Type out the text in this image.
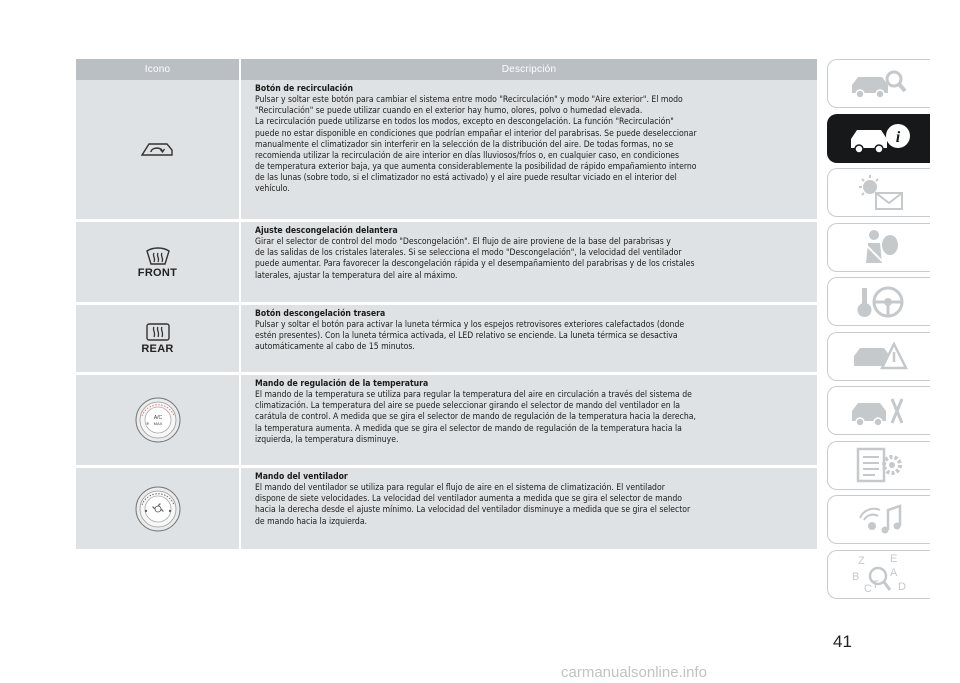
Icono	Descripción
Botón de recirculación
Pulsar y soltar este botón para cambiar el sistema entre modo "Recirculación" y modo "Aire exterior". El modo
"Recirculación" se puede utilizar cuando en el exterior hay humo, olores, polvo o humedad elevada.
La recirculación puede utilizarse en todos los modos, excepto en descongelación. La función "Recirculación"
puede no estar disponible en condiciones que podrían empañar el interior del parabrisas. Se puede deseleccionar
manualmente el climatizador sin interferir en la selección de la distribución del aire. De todas formas, no se
recomienda utilizar la recirculación de aire interior en días lluviosos/fríos o, en cualquier caso, en condiciones
de temperatura exterior baja, ya que aumenta considerablemente la posibilidad de rápido empañamiento interno
de las lunas (sobre todo, si el climatizador no está activado) y el aire puede resultar viciado en el interior del
vehículo.
FRONT
Ajuste descongelación delantera
Girar el selector de control del modo "Descongelación". El flujo de aire proviene de la base del parabrisas y
de las salidas de los cristales laterales. Si se selecciona el modo "Descongelación", la velocidad del ventilador
puede aumentar. Para favorecer la descongelación rápida y el desempañamiento del parabrisas y de los cristales
laterales, ajustar la temperatura del aire al máximo.
REAR
Botón descongelación trasera
Pulsar y soltar el botón para activar la luneta térmica y los espejos retrovisores exteriores calefactados (donde
estén presentes). Con la luneta térmica activada, el LED relativo se enciende. La luneta térmica se desactiva
automáticamente al cabo de 15 minutos.
A/C
MAX
❄
Mando de regulación de la temperatura
El mando de la temperatura se utiliza para regular la temperatura del aire en circulación a través del sistema de
climatización. La temperatura del aire se puede seleccionar girando el selector de mando del ventilador en la
carátula de control. A medida que se gira el selector de mando de regulación de la temperatura hacia la derecha,
la temperatura aumenta. A medida que se gira el selector de mando de regulación de la temperatura hacia la
izquierda, la temperatura disminuye.
Mando del ventilador
El mando del ventilador se utiliza para regular el flujo de aire en el sistema de climatización. El ventilador
dispone de siete velocidades. La velocidad del ventilador aumenta a medida que se gira el selector de mando
hacia la derecha desde el ajuste mínimo. La velocidad del ventilador disminuye a medida que se gira el selector
de mando hacia la izquierda.
i
Z E
A
B
C T D
41
carmanualsonline.info
